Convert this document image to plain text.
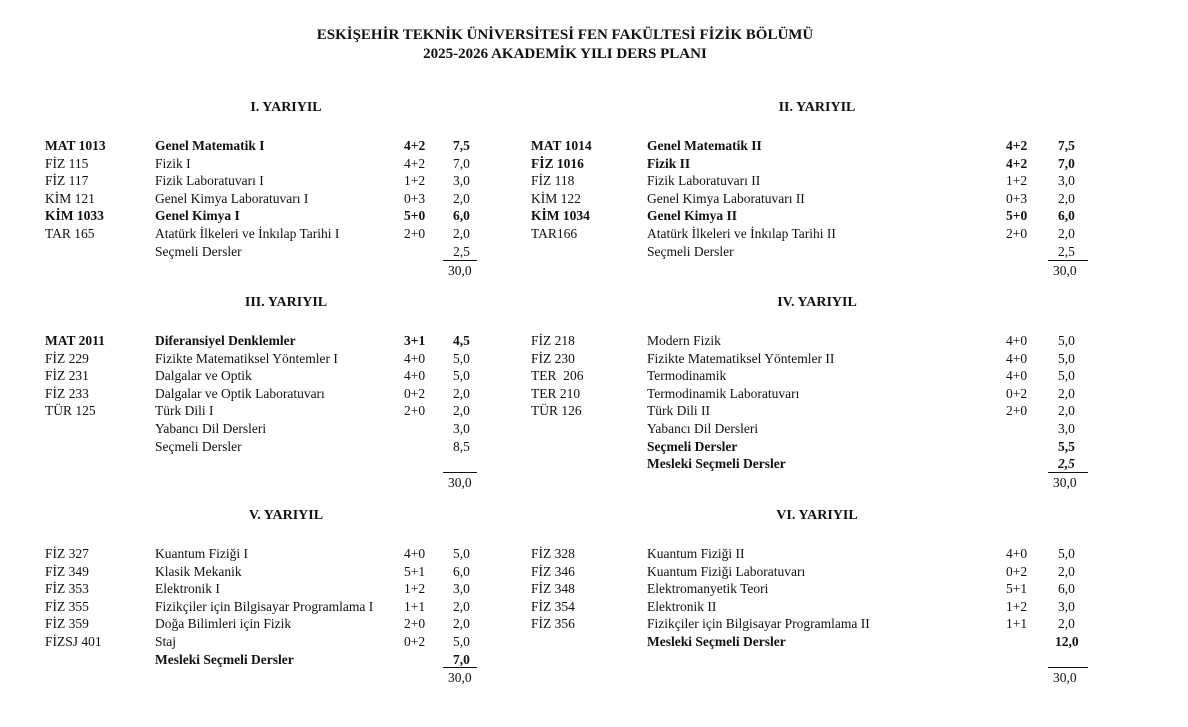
ESKİŞEHİR TEKNİK ÜNİVERSİTESİ FEN FAKÜLTESİ FİZİK BÖLÜMÜ
2025-2026 AKADEMİK YILI DERS PLANI
I. YARIYIL
MAT 1013	Genel Matematik I	4+2 7,5
FİZ 115	Fizik I	4+2 7,0
FİZ 117	Fizik Laboratuvarı I	1+2 3,0
KİM 121	Genel Kimya Laboratuvarı I	0+3 2,0
KİM 1033	Genel Kimya I	5+0 6,0
TAR 165	Atatürk İlkeleri ve İnkılap Tarihi I	2+0 2,0
Seçmeli Dersler	2,5
30,0
II. YARIYIL
MAT 1014	Genel Matematik II	4+2 7,5
FİZ 1016	Fizik II	4+2 7,0
FİZ 118	Fizik Laboratuvarı II	1+2 3,0
KİM 122	Genel Kimya Laboratuvarı II	0+3 2,0
KİM 1034	Genel Kimya II	5+0 6,0
TAR166	Atatürk İlkeleri ve İnkılap Tarihi II	2+0 2,0
Seçmeli Dersler	2,5
30,0
III. YARIYIL
MAT 2011	Diferansiyel Denklemler	3+1 4,5
FİZ 229	Fizikte Matematiksel Yöntemler I	4+0 5,0
FİZ 231	Dalgalar ve Optik	4+0 5,0
FİZ 233	Dalgalar ve Optik Laboratuvarı	0+2 2,0
TÜR 125	Türk Dili I	2+0 2,0
Yabancı Dil Dersleri	3,0
Seçmeli Dersler	8,5
30,0
IV. YARIYIL
FİZ 218	Modern Fizik	4+0 5,0
FİZ 230	Fizikte Matematiksel Yöntemler II	4+0 5,0
TER  206	Termodinamik	4+0 5,0
TER 210	Termodinamik Laboratuvarı	0+2 2,0
TÜR 126	Türk Dili II	2+0 2,0
Yabancı Dil Dersleri	3,0
Seçmeli Dersler	5,5
Mesleki Seçmeli Dersler	2,5
30,0
V. YARIYIL
FİZ 327	Kuantum Fiziği I	4+0 5,0
FİZ 349	Klasik Mekanik	5+1 6,0
FİZ 353	Elektronik I	1+2 3,0
FİZ 355	Fizikçiler için Bilgisayar Programlama I 1+1 2,0
FİZ 359	Doğa Bilimleri için Fizik	2+0 2,0
FİZSJ 401	Staj	0+2 5,0
Mesleki Seçmeli Dersler	7,0
30,0
VI. YARIYIL
FİZ 328	Kuantum Fiziği II	4+0 5,0
FİZ 346	Kuantum Fiziği Laboratuvarı	0+2 2,0
FİZ 348	Elektromanyetik Teori	5+1 6,0
FİZ 354	Elektronik II	1+2 3,0
FİZ 356	Fizikçiler için Bilgisayar Programlama II	1+1 2,0
Mesleki Seçmeli Dersler	12,0
30,0
